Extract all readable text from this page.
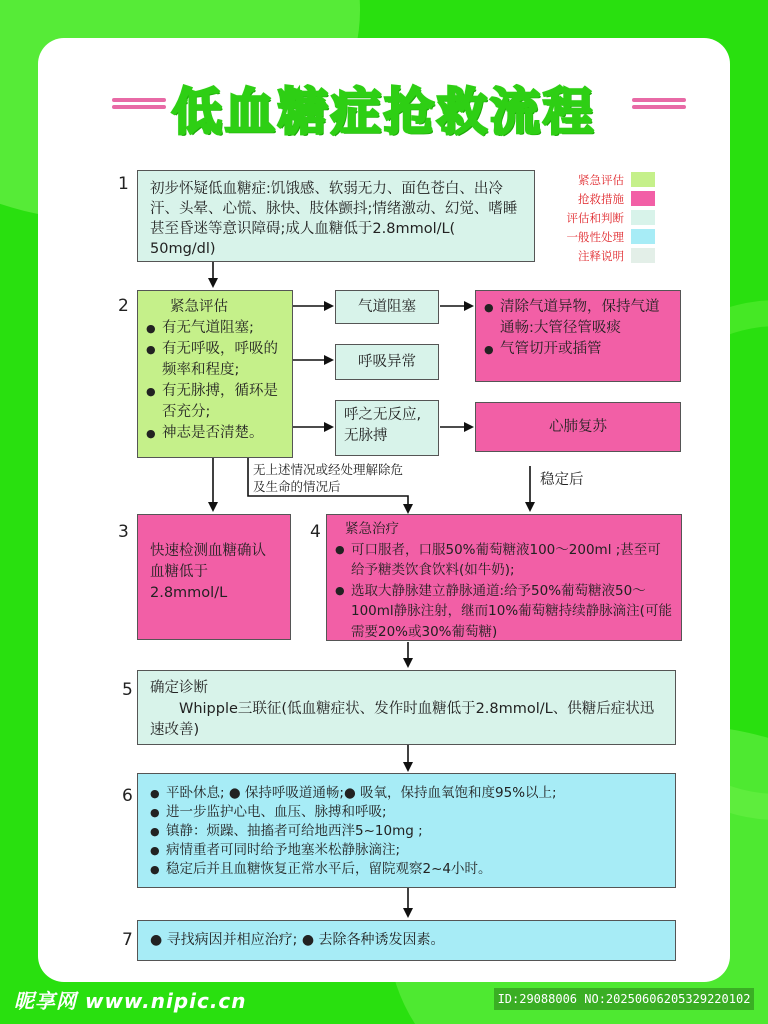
低血糖症抢救流程
紧急评估
抢救措施
评估和判断
一般性处理
注释说明
1	初步怀疑低血糖症:饥饿感、软弱无力、面色苍白、出冷汗、头晕、心慌、脉快、肢体颤抖;情绪激动、幻觉、嗜睡甚至昏迷等意识障碍;成人血糖低于2.8mmol/L( 50mg/dl)
2	紧急评估
● 有无气道阻塞;
● 有无呼吸，呼吸的频率和程度;
● 有无脉搏，循环是否充分;
● 神志是否清楚。
气道阻塞
呼吸异常
呼之无反应,无脉搏
● 清除气道异物，保持气道通畅:大管径管吸痰
● 气管切开或插管
心肺复苏
无上述情况或经处理解除危及生命的情况后	稳定后
3
快速检测血糖确认血糖低于2.8mmol/L
4	紧急治疗
● 可口服者，口服50%葡萄糖液100～200ml ;甚至可给予糖类饮食饮料(如牛奶);
● 选取大静脉建立静脉通道:给予50%葡萄糖液50～100ml静脉注射，继而10%葡萄糖持续静脉滴注(可能需要20%或30%葡萄糖)
5 确定诊断
Whipple三联征(低血糖症状、发作时血糖低于2.8mmol/L、供糖后症状迅速改善)
6
●	平卧休息; ● 保持呼吸道通畅;● 吸氧，保持血氧饱和度95%以上;
● 进一步监护心电、血压、脉搏和呼吸;
● 镇静：烦躁、抽搐者可给地西泮5~10mg ;
● 病情重者可同时给予地塞米松静脉滴注;
● 稳定后并且血糖恢复正常水平后，留院观察2~4小时。
7	● 寻找病因并相应治疗; ● 去除各种诱发因素。
昵享网 www.nipic.cn	ID:29088006 NO:20250606205329220102
